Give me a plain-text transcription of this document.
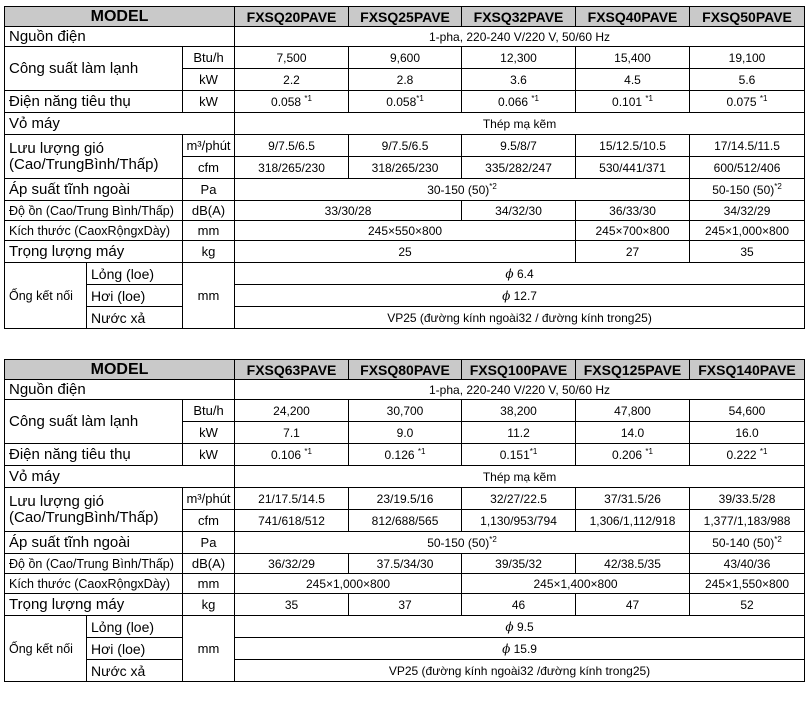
MODEL			FXSQ20PAVE	FXSQ25PAVE	FXSQ32PAVE	FXSQ40PAVE	FXSQ50PAVE
Nguồn điện			1-pha, 220-240 V/220 V, 50/60 Hz				
Công suất làm lạnh		Btu/h	7,500	9,600	12,300	15,400	19,100
		kW	2.2	2.8	3.6	4.5	5.6
Điện năng tiêu thụ		kW	0.058 $^{*1}$	0.058$^{*1}$	0.066 $^{*1}$	0.101 $^{*1}$	0.075 $^{*1}$
Vỏ máy			Thép mạ kẽm				
Lưu lượng gió
(Cao/TrungBình/Thấp)		m³/phút	9/7.5/6.5	9/7.5/6.5	9.5/8/7	15/12.5/10.5	17/14.5/11.5
		cfm	318/265/230	318/265/230	335/282/247	530/441/371	600/512/406
Áp suất tĩnh ngoài		Pa	30-150 $(50)^{*2}$				50-150 $(50)^{*2}$
Độ ồn (Cao/Trung Bình/Thấp)		dB(A)	33/30/28		34/32/30	36/33/30	34/32/29
Kích thước (CaoxRộngxDày)		mm	245×550×800			245×700×800	245×1,000×800
Trọng lượng máy		kg	25			27	35
Ống kết nối	Lỏng (loe)	mm	ϕ 6.4				
	Hơi (loe)		ϕ 12.7				
	Nước xả		VP25 (đường kính ngoài32 / đường kính trong25)				
MODEL			FXSQ63PAVE	FXSQ80PAVE	FXSQ100PAVE	FXSQ125PAVE	FXSQ140PAVE
Nguồn điện			1-pha, 220-240 V/220 V, 50/60 Hz				
Công suất làm lạnh		Btu/h	24,200	30,700	38,200	47,800	54,600
		kW	7.1	9.0	11.2	14.0	16.0
Điện năng tiêu thụ		kW	0.106 $^{*1}$	0.126 $^{*1}$	0.151$^{*1}$	0.206 $^{*1}$	0.222 $^{*1}$
Vỏ máy			Thép mạ kẽm				
Lưu lượng gió
(Cao/TrungBình/Thấp)		m³/phút	21/17.5/14.5	23/19.5/16	32/27/22.5	37/31.5/26	39/33.5/28
		cfm	741/618/512	812/688/565	1,130/953/794	1,306/1,112/918	1,377/1,183/988
Áp suất tĩnh ngoài		Pa	50-150 $(50)^{*2}$				50-140 $(50)^{*2}$
Độ ồn (Cao/Trung Bình/Thấp)		dB(A)	36/32/29	37.5/34/30	39/35/32	42/38.5/35	43/40/36
Kích thước (CaoxRộngxDày)		mm	245×1,000×800		245×1,400×800		245×1,550×800
Trọng lượng máy		kg	35	37	46	47	52
Ống kết nối	Lỏng (loe)	mm	ϕ 9.5				
	Hơi (loe)		ϕ 15.9				
	Nước xả		VP25 (đường kính ngoài32 /đường kính trong25)				
